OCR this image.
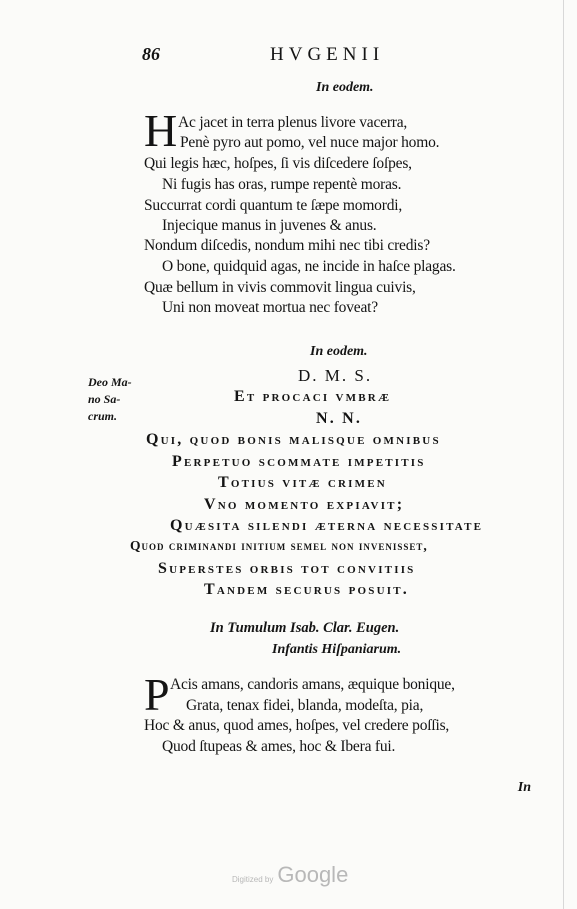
86	HVGENII
In eodem.
H Ac jacet in terra plenus livore vacerra,
Penè pyro aut pomo, vel nuce major homo.
Qui legis hæc, hoſpes, ſi vis diſcedere ſoſpes,
Ni fugis has oras, rumpe repentè moras.
Succurrat cordi quantum te ſæpe momordi,
Injecique manus in juvenes & anus.
Nondum diſcedis, nondum mihi nec tibi credis?
O bone, quidquid agas, ne incide in haſce plagas.
Quæ bellum in vivis commovit lingua cuivis,
Uni non moveat mortua nec foveat?
In eodem.
Deo Ma-
no Sa-
crum.
D. M. S.
Et procaci vmbræ
N. N.
Qui, quod bonis malisque omnibus
Perpetuo scommate impetitis
Totius vitæ crimen
Vno momento expiavit;
Quæsita silendi æterna necessitate
Quod criminandi initium semel non invenisset,
Superstes orbis tot convitiis
Tandem securus posuit.
In Tumulum Isab. Clar. Eugen.
Infantis Hiſpaniarum.
P Acis amans, candoris amans, æquique bonique,
Grata, tenax fidei, blanda, modeſta, pia,
Hoc & anus, quod ames, hoſpes, vel credere poſſis,
Quod ſtupeas & ames, hoc & Ibera fui.
In
Digitized by Google
